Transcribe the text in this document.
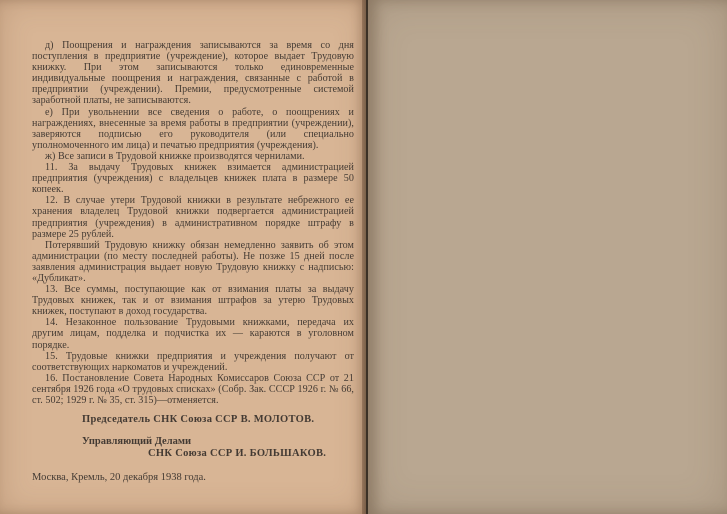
д) Поощрения и награждения записываются за время со дня поступления в предприятие (учреждение), которое выдает Трудовую книжку. При этом записываются только единовременные индивидуальные поощрения и награждения, связанные с работой в предприятии (учреждении). Премии, предусмотренные системой заработной платы, не записываются.

е) При увольнении все сведения о работе, о поощрениях и награждениях, внесенные за время работы в предприятии (учреждении), заверяются подписью его руководителя (или специально уполномоченного им лица) и печатью предприятия (учреждения).

ж) Все записи в Трудовой книжке производятся чернилами.

11. За выдачу Трудовых книжек взимается администрацией предприятия (учреждения) с владельцев книжек плата в размере 50 копеек.

12. В случае утери Трудовой книжки в результате небрежного ее хранения владелец Трудовой книжки подвергается администрацией предприятия (учреждения) в административном порядке штрафу в размере 25 рублей.

Потерявший Трудовую книжку обязан немедленно заявить об этом администрации (по месту последней работы). Не позже 15 дней после заявления администрация выдает новую Трудовую книжку с надписью: «Дубликат».

13. Все суммы, поступающие как от взимания платы за выдачу Трудовых книжек, так и от взимания штрафов за утерю Трудовых книжек, поступают в доход государства.

14. Незаконное пользование Трудовыми книжками, передача их другим лицам, подделка и подчистка их — караются в уголовном порядке.

15. Трудовые книжки предприятия и учреждения получают от соответствующих наркоматов и учреждений.

16. Постановление Совета Народных Комиссаров Союза ССР от 21 сентября 1926 года «О трудовых списках» (Собр. Зак. СССР 1926 г. № 66, ст. 502; 1929 г. № 35, ст. 315)—отменяется.

Председатель СНК Союза ССР В. МОЛОТОВ.
Управляющий Делами
СНК Союза ССР И. БОЛЬШАКОВ.
Москва, Кремль, 20 декабря 1938 года.
